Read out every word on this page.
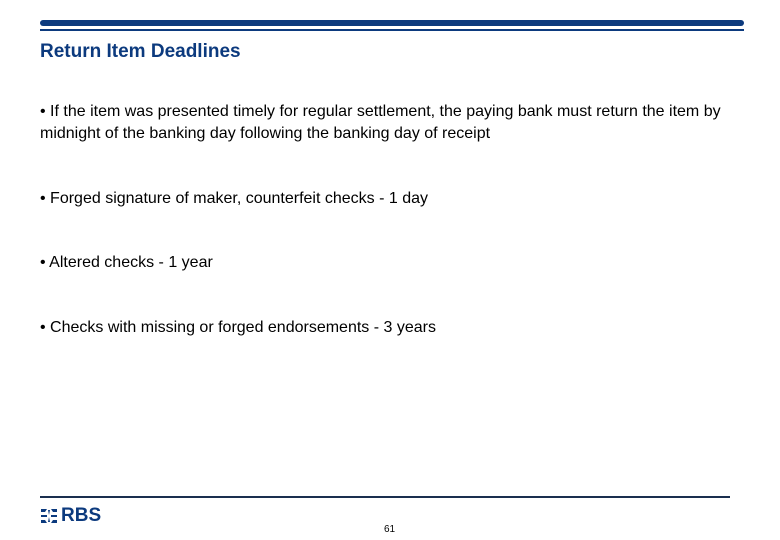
Return Item Deadlines
• If the item was presented timely for regular settlement, the paying bank must return the item by midnight of the banking day following the banking day of receipt
• Forged signature of maker, counterfeit checks - 1 day
• Altered checks - 1 year
• Checks with missing or forged endorsements - 3 years
RBS
61
